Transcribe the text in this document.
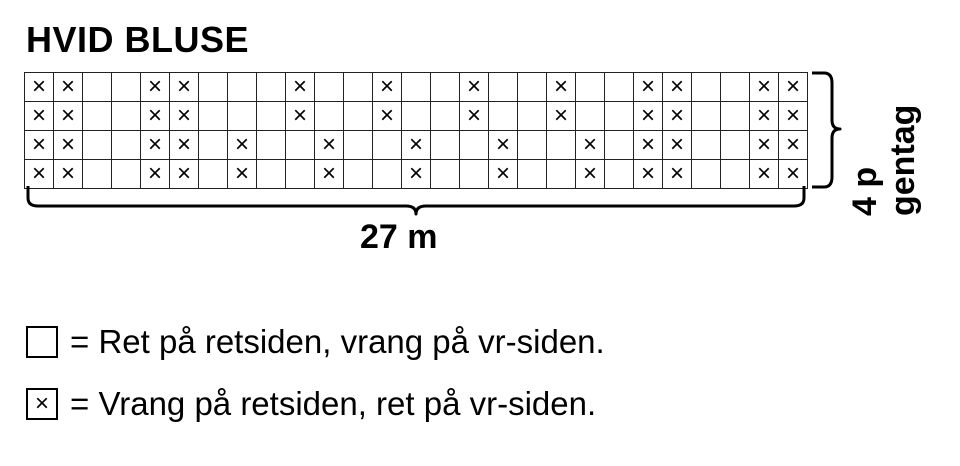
HVID BLUSE
×	×			×	×				×			×			×			×			×	×			×	×

×	×			×	×				×			×			×			×			×	×			×	×

×	×			×	×		×			×			×			×			×		×	×			×	×

×	×			×	×		×			×			×			×			×		×	×			×	×
27 m
4 p gentag
= Ret på retsiden, vrang på vr-siden.
× = Vrang på retsiden, ret på vr-siden.
